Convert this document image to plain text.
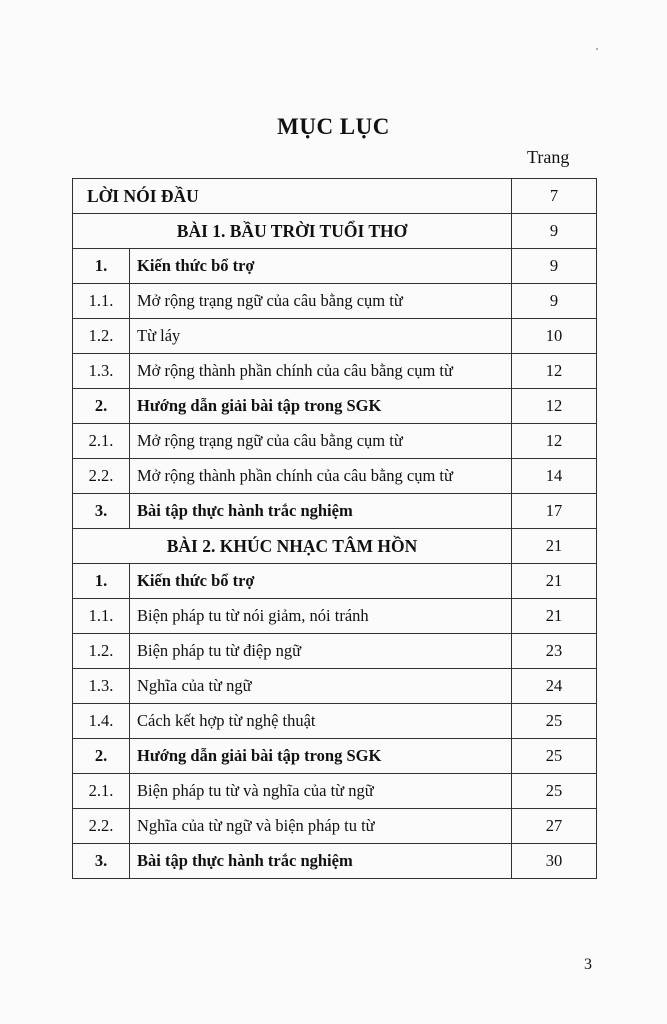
MỤC LỤC
Trang
LỜI NÓI ĐẦU		7
BÀI 1. BẦU TRỜI TUỔI THƠ		9
1.	Kiến thức bổ trợ	9
1.1.	Mở rộng trạng ngữ của câu bằng cụm từ	9
1.2.	Từ láy	10
1.3.	Mở rộng thành phần chính của câu bằng cụm từ	12
2.	Hướng dẫn giải bài tập trong SGK	12
2.1.	Mở rộng trạng ngữ của câu bằng cụm từ	12
2.2.	Mở rộng thành phần chính của câu bằng cụm từ	14
3.	Bài tập thực hành trắc nghiệm	17
BÀI 2. KHÚC NHẠC TÂM HỒN		21
1.	Kiến thức bổ trợ	21
1.1.	Biện pháp tu từ nói giảm, nói tránh	21
1.2.	Biện pháp tu từ điệp ngữ	23
1.3.	Nghĩa của từ ngữ	24
1.4.	Cách kết hợp từ nghệ thuật	25
2.	Hướng dẫn giải bài tập trong SGK	25
2.1.	Biện pháp tu từ và nghĩa của từ ngữ	25
2.2.	Nghĩa của từ ngữ và biện pháp tu từ	27
3.	Bài tập thực hành trắc nghiệm	30
3
